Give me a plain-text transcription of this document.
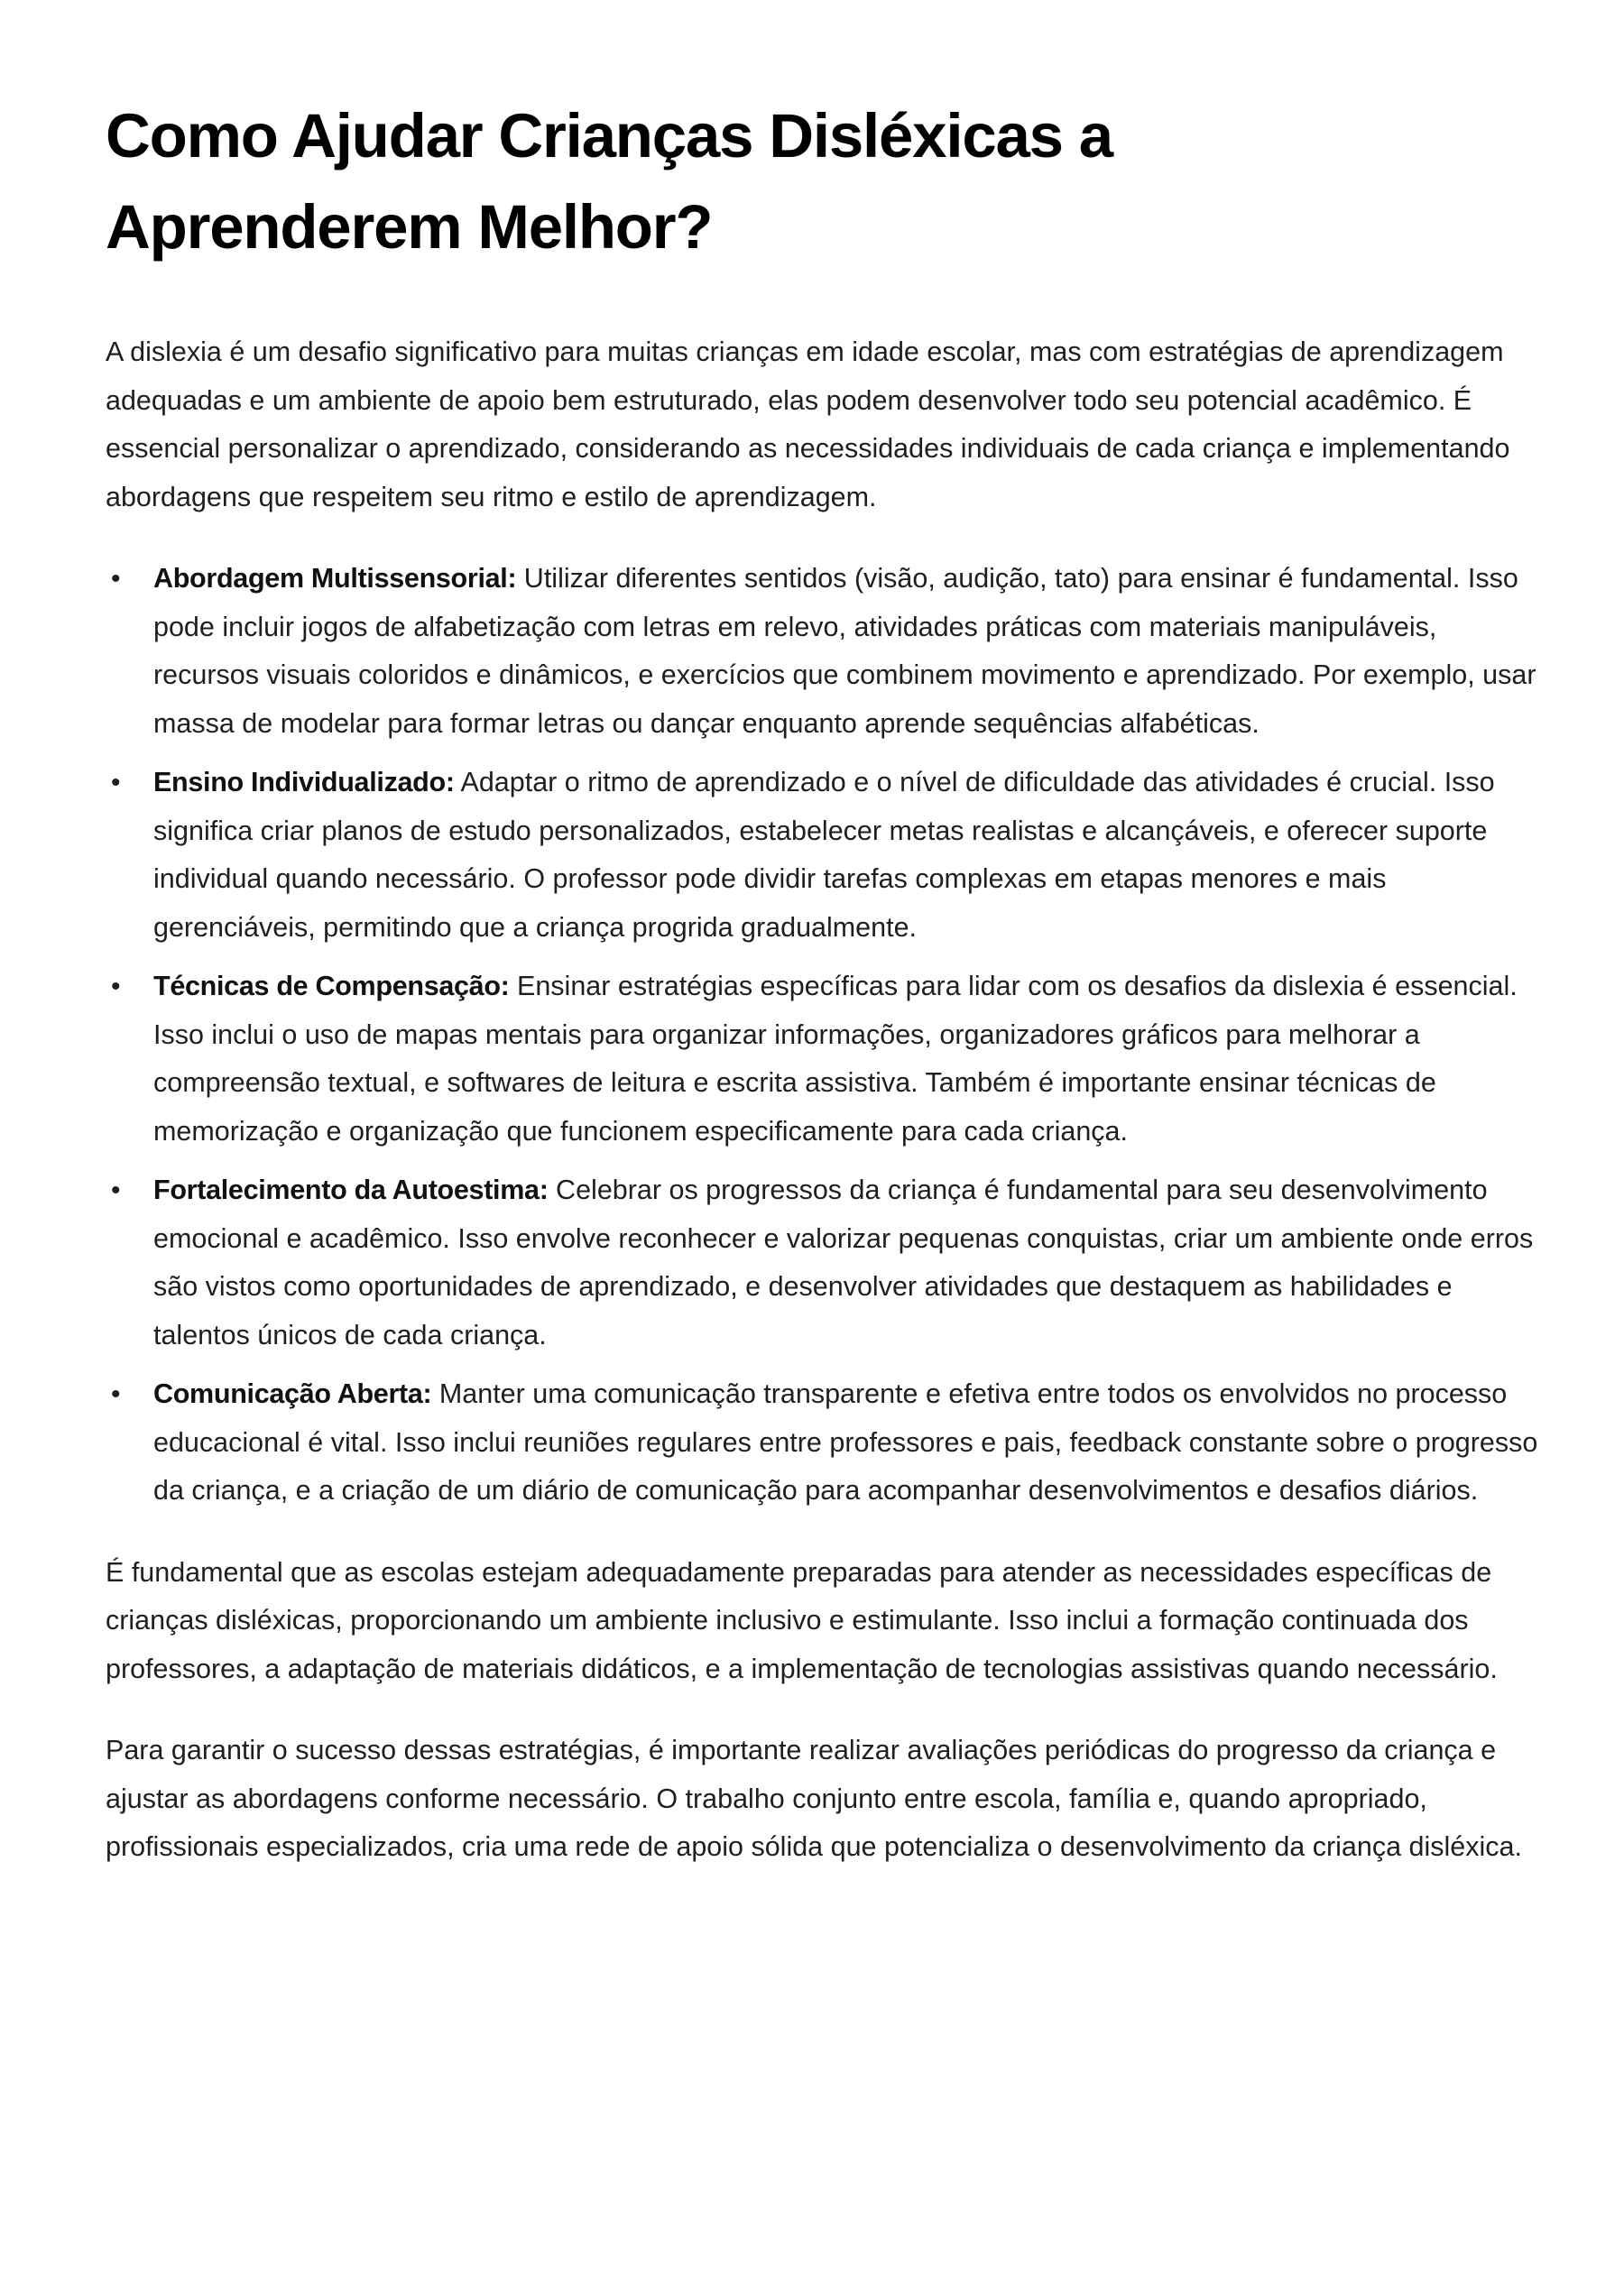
Como Ajudar Crianças Disléxicas a Aprenderem Melhor?

A dislexia é um desafio significativo para muitas crianças em idade escolar, mas com estratégias de aprendizagem adequadas e um ambiente de apoio bem estruturado, elas podem desenvolver todo seu potencial acadêmico. É essencial personalizar o aprendizado, considerando as necessidades individuais de cada criança e implementando abordagens que respeitem seu ritmo e estilo de aprendizagem.

• Abordagem Multissensorial: Utilizar diferentes sentidos (visão, audição, tato) para ensinar é fundamental. Isso pode incluir jogos de alfabetização com letras em relevo, atividades práticas com materiais manipuláveis, recursos visuais coloridos e dinâmicos, e exercícios que combinem movimento e aprendizado. Por exemplo, usar massa de modelar para formar letras ou dançar enquanto aprende sequências alfabéticas.
• Ensino Individualizado: Adaptar o ritmo de aprendizado e o nível de dificuldade das atividades é crucial. Isso significa criar planos de estudo personalizados, estabelecer metas realistas e alcançáveis, e oferecer suporte individual quando necessário. O professor pode dividir tarefas complexas em etapas menores e mais gerenciáveis, permitindo que a criança progrida gradualmente.
• Técnicas de Compensação: Ensinar estratégias específicas para lidar com os desafios da dislexia é essencial. Isso inclui o uso de mapas mentais para organizar informações, organizadores gráficos para melhorar a compreensão textual, e softwares de leitura e escrita assistiva. Também é importante ensinar técnicas de memorização e organização que funcionem especificamente para cada criança.
• Fortalecimento da Autoestima: Celebrar os progressos da criança é fundamental para seu desenvolvimento emocional e acadêmico. Isso envolve reconhecer e valorizar pequenas conquistas, criar um ambiente onde erros são vistos como oportunidades de aprendizado, e desenvolver atividades que destaquem as habilidades e talentos únicos de cada criança.
• Comunicação Aberta: Manter uma comunicação transparente e efetiva entre todos os envolvidos no processo educacional é vital. Isso inclui reuniões regulares entre professores e pais, feedback constante sobre o progresso da criança, e a criação de um diário de comunicação para acompanhar desenvolvimentos e desafios diários.

É fundamental que as escolas estejam adequadamente preparadas para atender as necessidades específicas de crianças disléxicas, proporcionando um ambiente inclusivo e estimulante. Isso inclui a formação continuada dos professores, a adaptação de materiais didáticos, e a implementação de tecnologias assistivas quando necessário.

Para garantir o sucesso dessas estratégias, é importante realizar avaliações periódicas do progresso da criança e ajustar as abordagens conforme necessário. O trabalho conjunto entre escola, família e, quando apropriado, profissionais especializados, cria uma rede de apoio sólida que potencializa o desenvolvimento da criança disléxica.
